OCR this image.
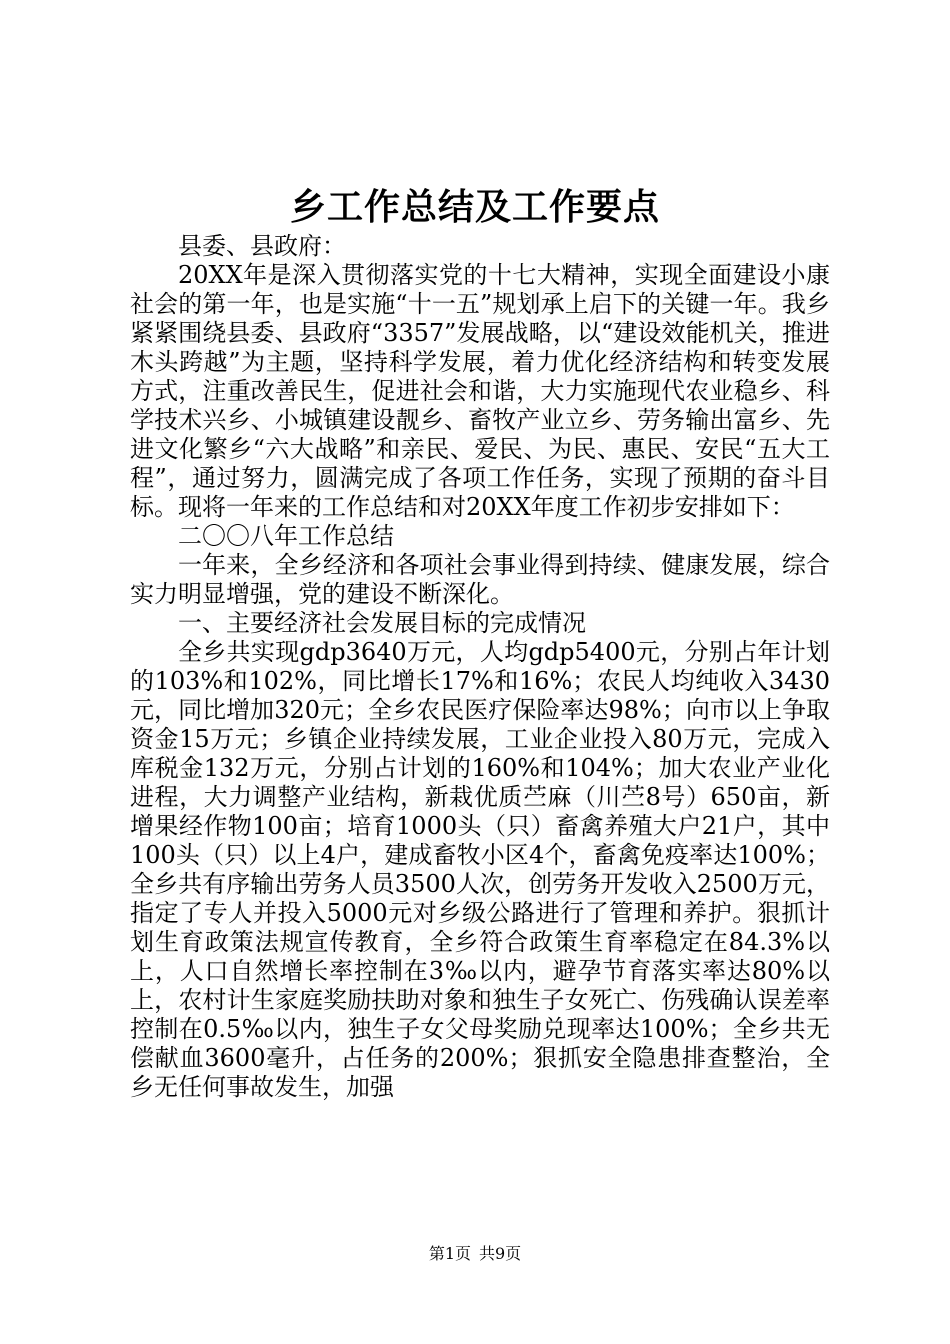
乡工作总结及工作要点

县委、县政府：

20XX年是深入贯彻落实党的十七大精神，实现全面建设小康社会的第一年，也是实施“十一五”规划承上启下的关键一年。我乡紧紧围绕县委、县政府“3357”发展战略，以“建设效能机关，推进木头跨越”为主题，坚持科学发展，着力优化经济结构和转变发展方式，注重改善民生，促进社会和谐，大力实施现代农业稳乡、科学技术兴乡、小城镇建设靓乡、畜牧产业立乡、劳务输出富乡、先进文化繁乡“六大战略”和亲民、爱民、为民、惠民、安民“五大工程”，通过努力，圆满完成了各项工作任务，实现了预期的奋斗目标。现将一年来的工作总结和对20XX年度工作初步安排如下：

二〇〇八年工作总结

一年来，全乡经济和各项社会事业得到持续、健康发展，综合实力明显增强，党的建设不断深化。

一、主要经济社会发展目标的完成情况

全乡共实现gdp3640万元，人均gdp5400元，分别占年计划的103%和102%，同比增长17%和16%；农民人均纯收入3430元，同比增加320元；全乡农民医疗保险率达98%；向市以上争取资金15万元；乡镇企业持续发展，工业企业投入80万元，完成入库税金132万元，分别占计划的160%和104%；加大农业产业化进程，大力调整产业结构，新栽优质苎麻（川苎8号）650亩，新增果经作物100亩；培育1000头（只）畜禽养殖大户21户，其中100头（只）以上4户，建成畜牧小区4个，畜禽免疫率达100%；全乡共有序输出劳务人员3500人次，创劳务开发收入2500万元，指定了专人并投入5000元对乡级公路进行了管理和养护。狠抓计划生育政策法规宣传教育，全乡符合政策生育率稳定在84.3%以上，人口自然增长率控制在3‰以内，避孕节育落实率达80%以上，农村计生家庭奖励扶助对象和独生子女死亡、伤残确认误差率控制在0.5‰以内，独生子女父母奖励兑现率达100%；全乡共无偿献血3600毫升，占任务的200%；狠抓安全隐患排查整治，全乡无任何事故发生，加强

第1页 共9页
